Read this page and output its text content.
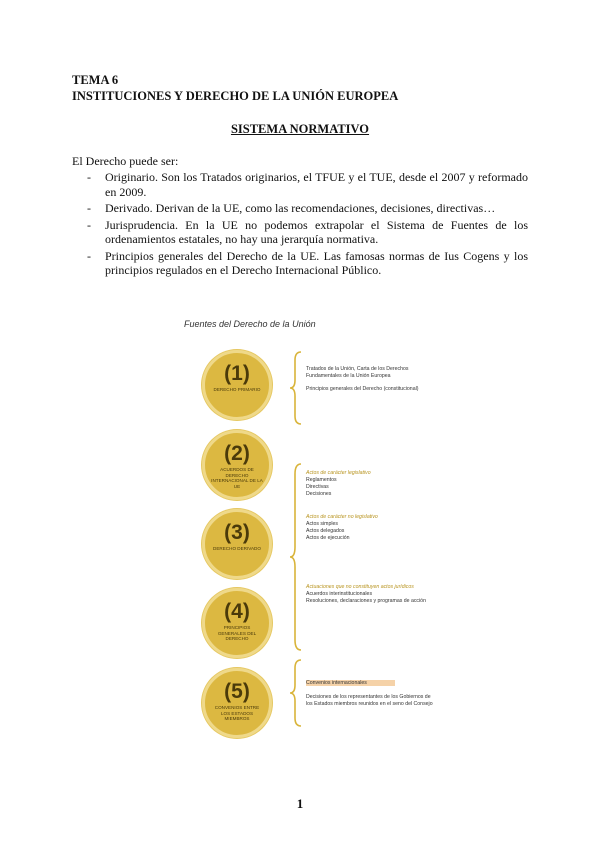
TEMA 6
INSTITUCIONES Y DERECHO DE LA UNIÓN EUROPEA
SISTEMA NORMATIVO
El Derecho puede ser:
- Originario. Son los Tratados originarios, el TFUE y el TUE, desde el 2007 y reformado en 2009.
- Derivado. Derivan de la UE, como las recomendaciones, decisiones, directivas…
- Jurisprudencia. En la UE no podemos extrapolar el Sistema de Fuentes de los ordenamientos estatales, no hay una jerarquía normativa.
- Principios generales del Derecho de la UE. Las famosas normas de Ius Cogens y los principios regulados en el Derecho Internacional Público.
Fuentes del Derecho de la Unión
(1)
DERECHO PRIMARIO
(2)
ACUERDOS DE DERECHO INTERNACIONAL DE LA UE
(3)
DERECHO DERIVADO
(4)
PRINCIPIOS GENERALES DEL DERECHO
(5)
CONVENIOS ENTRE LOS ESTADOS MIEMBROS
Tratados de la Unión, Carta de los Derechos Fundamentales de la Unión Europea
Principios generales del Derecho (constitucional)
Actos de carácter legislativo
Reglamentos
Directivas
Decisiones
Actos de carácter no legislativo
Actos simples
Actos delegados
Actos de ejecución
Actuaciones que no constituyen actos jurídicos
Acuerdos interinstitucionales
Resoluciones, declaraciones y programas de acción
Convenios internacionales
Decisiones de los representantes de los Gobiernos de los Estados miembros reunidos en el seno del Consejo
1
